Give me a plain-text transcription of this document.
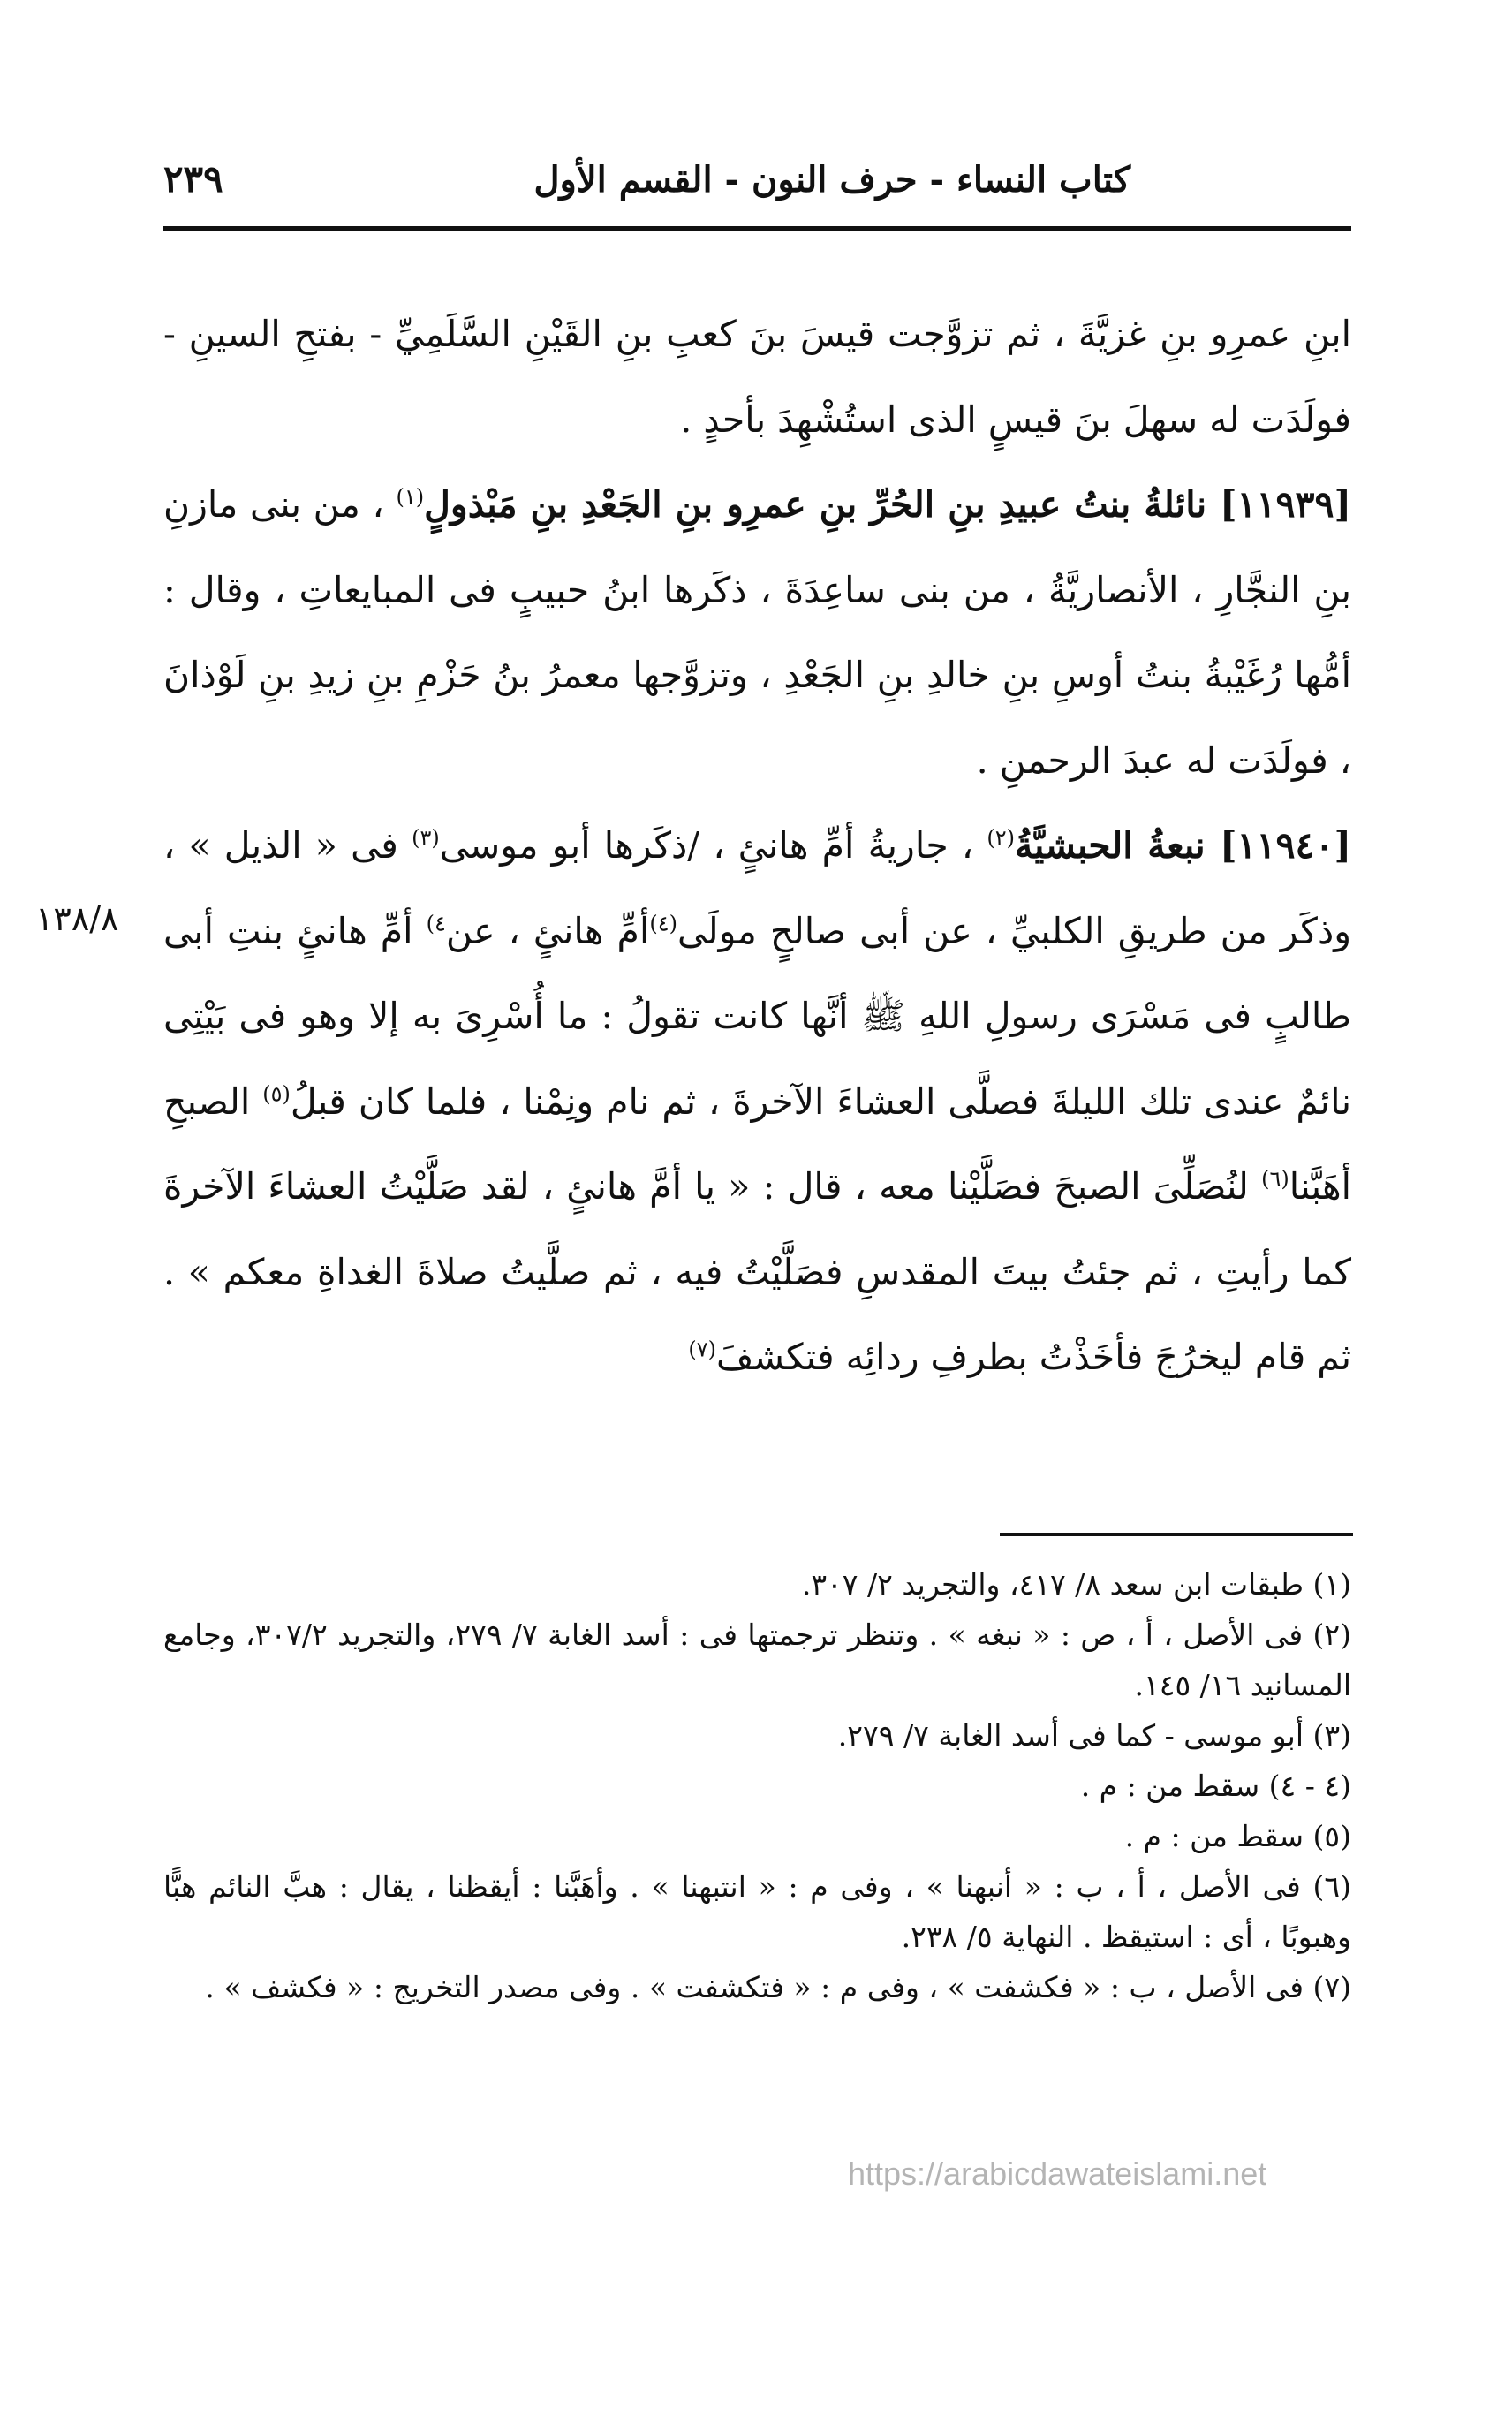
كتاب النساء - حرف النون - القسم الأول
٢٣٩
١٣٨/٨

ابنِ عمرِو بنِ غزيَّةَ ، ثم تزوَّجت قيسَ بنَ كعبِ بنِ القَيْنِ السَّلَمِيِّ - بفتحِ السينِ - فولَدَت له سهلَ بنَ قيسٍ الذى استُشْهِدَ بأحدٍ .

[١١٩٣٩] نائلةُ بنتُ عبيدِ بنِ الحُرِّ بنِ عمرِو بنِ الجَعْدِ بنِ مَبْذولٍ$^{(١)}$ ، من بنى مازنِ بنِ النجَّارِ ، الأنصاريَّةُ ، من بنى ساعِدَةَ ، ذكَرها ابنُ حبيبٍ فى المبايعاتِ ، وقال : أمُّها رُغَيْبةُ بنتُ أوسِ بنِ خالدِ بنِ الجَعْدِ ، وتزوَّجها معمرُ بنُ حَزْمِ بنِ زيدِ بنِ لَوْذانَ ، فولَدَت له عبدَ الرحمنِ .

[١١٩٤٠] نبعةُ الحبشيَّةُ$^{(٢)}$ ، جاريةُ أمِّ هانئٍ ، /ذكَرها أبو موسى$^{(٣)}$ فى « الذيل » ، وذكَر من طريقِ الكلبيِّ ، عن أبى صالحٍ مولَى$^{(٤)}$أمِّ هانئٍ ، عن$^{٤)}$ أمِّ هانئٍ بنتِ أبى طالبٍ فى مَسْرَى رسولِ اللهِ ﷺ أنَّها كانت تقولُ : ما أُسْرِىَ به إلا وهو فى بَيْتِى نائمٌ عندى تلك الليلةَ فصلَّى العشاءَ الآخرةَ ، ثم نام ونِمْنا ، فلما كان قبلُ$^{(٥)}$ الصبحِ أهَبَّنا$^{(٦)}$ لنُصَلِّىَ الصبحَ فصَلَّيْنا معه ، قال : « يا أمَّ هانئٍ ، لقد صَلَّيْتُ العشاءَ الآخرةَ كما رأيتِ ، ثم جئتُ بيتَ المقدسِ فصَلَّيْتُ فيه ، ثم صلَّيتُ صلاةَ الغداةِ معكم » . ثم قام ليخرُجَ فأخَذْتُ بطرفِ ردائِه فتكشفَ$^{(٧)}$

(١) طبقات ابن سعد ٨/ ٤١٧، والتجريد ٢/ ٣٠٧.

(٢) فى الأصل ، أ ، ص : « نبغه » . وتنظر ترجمتها فى : أسد الغابة ٧/ ٢٧٩، والتجريد ٣٠٧/٢، وجامع المسانيد ١٦/ ١٤٥.

(٣) أبو موسى - كما فى أسد الغابة ٧/ ٢٧٩.

(٤ - ٤) سقط من : م .

(٥) سقط من : م .

(٦) فى الأصل ، أ ، ب : « أنبهنا » ، وفى م : « انتبهنا » . وأهَبَّنا : أيقظنا ، يقال : هبَّ النائم هبًّا وهبوبًا ، أى : استيقظ . النهاية ٥/ ٢٣٨.

(٧) فى الأصل ، ب : « فكشفت » ، وفى م : « فتكشفت » . وفى مصدر التخريج : « فكشف » .

https://arabicdawateislami.net
